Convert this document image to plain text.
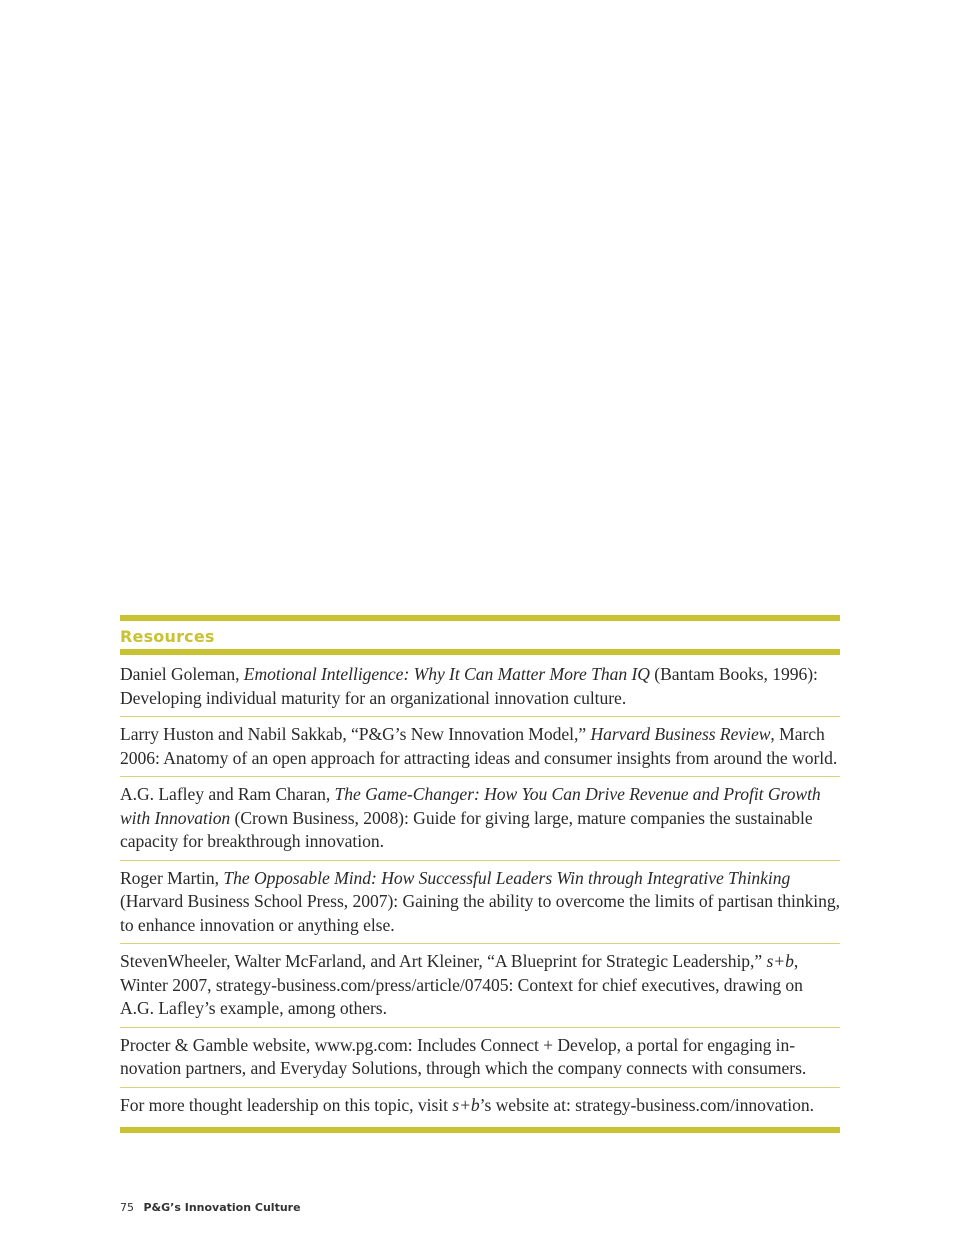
Resources

Daniel Goleman, Emotional Intelligence: Why It Can Matter More Than IQ (Bantam Books, 1996): Developing individual maturity for an organizational innovation culture.

Larry Huston and Nabil Sakkab, “P&G’s New Innovation Model,” Harvard Business Review, March 2006: Anatomy of an open approach for attracting ideas and consumer insights from around the world.

A.G. Lafley and Ram Charan, The Game-Changer: How You Can Drive Revenue and Profit Growth with Innovation (Crown Business, 2008): Guide for giving large, mature companies the sustainable capacity for breakthrough innovation.

Roger Martin, The Opposable Mind: How Successful Leaders Win through Integrative Thinking (Harvard Business School Press, 2007): Gaining the ability to overcome the limits of partisan thinking, to enhance innovation or anything else.

StevenWheeler, Walter McFarland, and Art Kleiner, “A Blueprint for Strategic Leadership,” s+b, Winter 2007, strategy-business.com/press/article/07405: Context for chief executives, drawing on A.G. Lafley’s example, among others.

Procter & Gamble website, www.pg.com: Includes Connect + Develop, a portal for engaging in-novation partners, and Everyday Solutions, through which the company connects with consumers.

For more thought leadership on this topic, visit s+b’s website at: strategy-business.com/innovation.

75 P&G’s Innovation Culture
